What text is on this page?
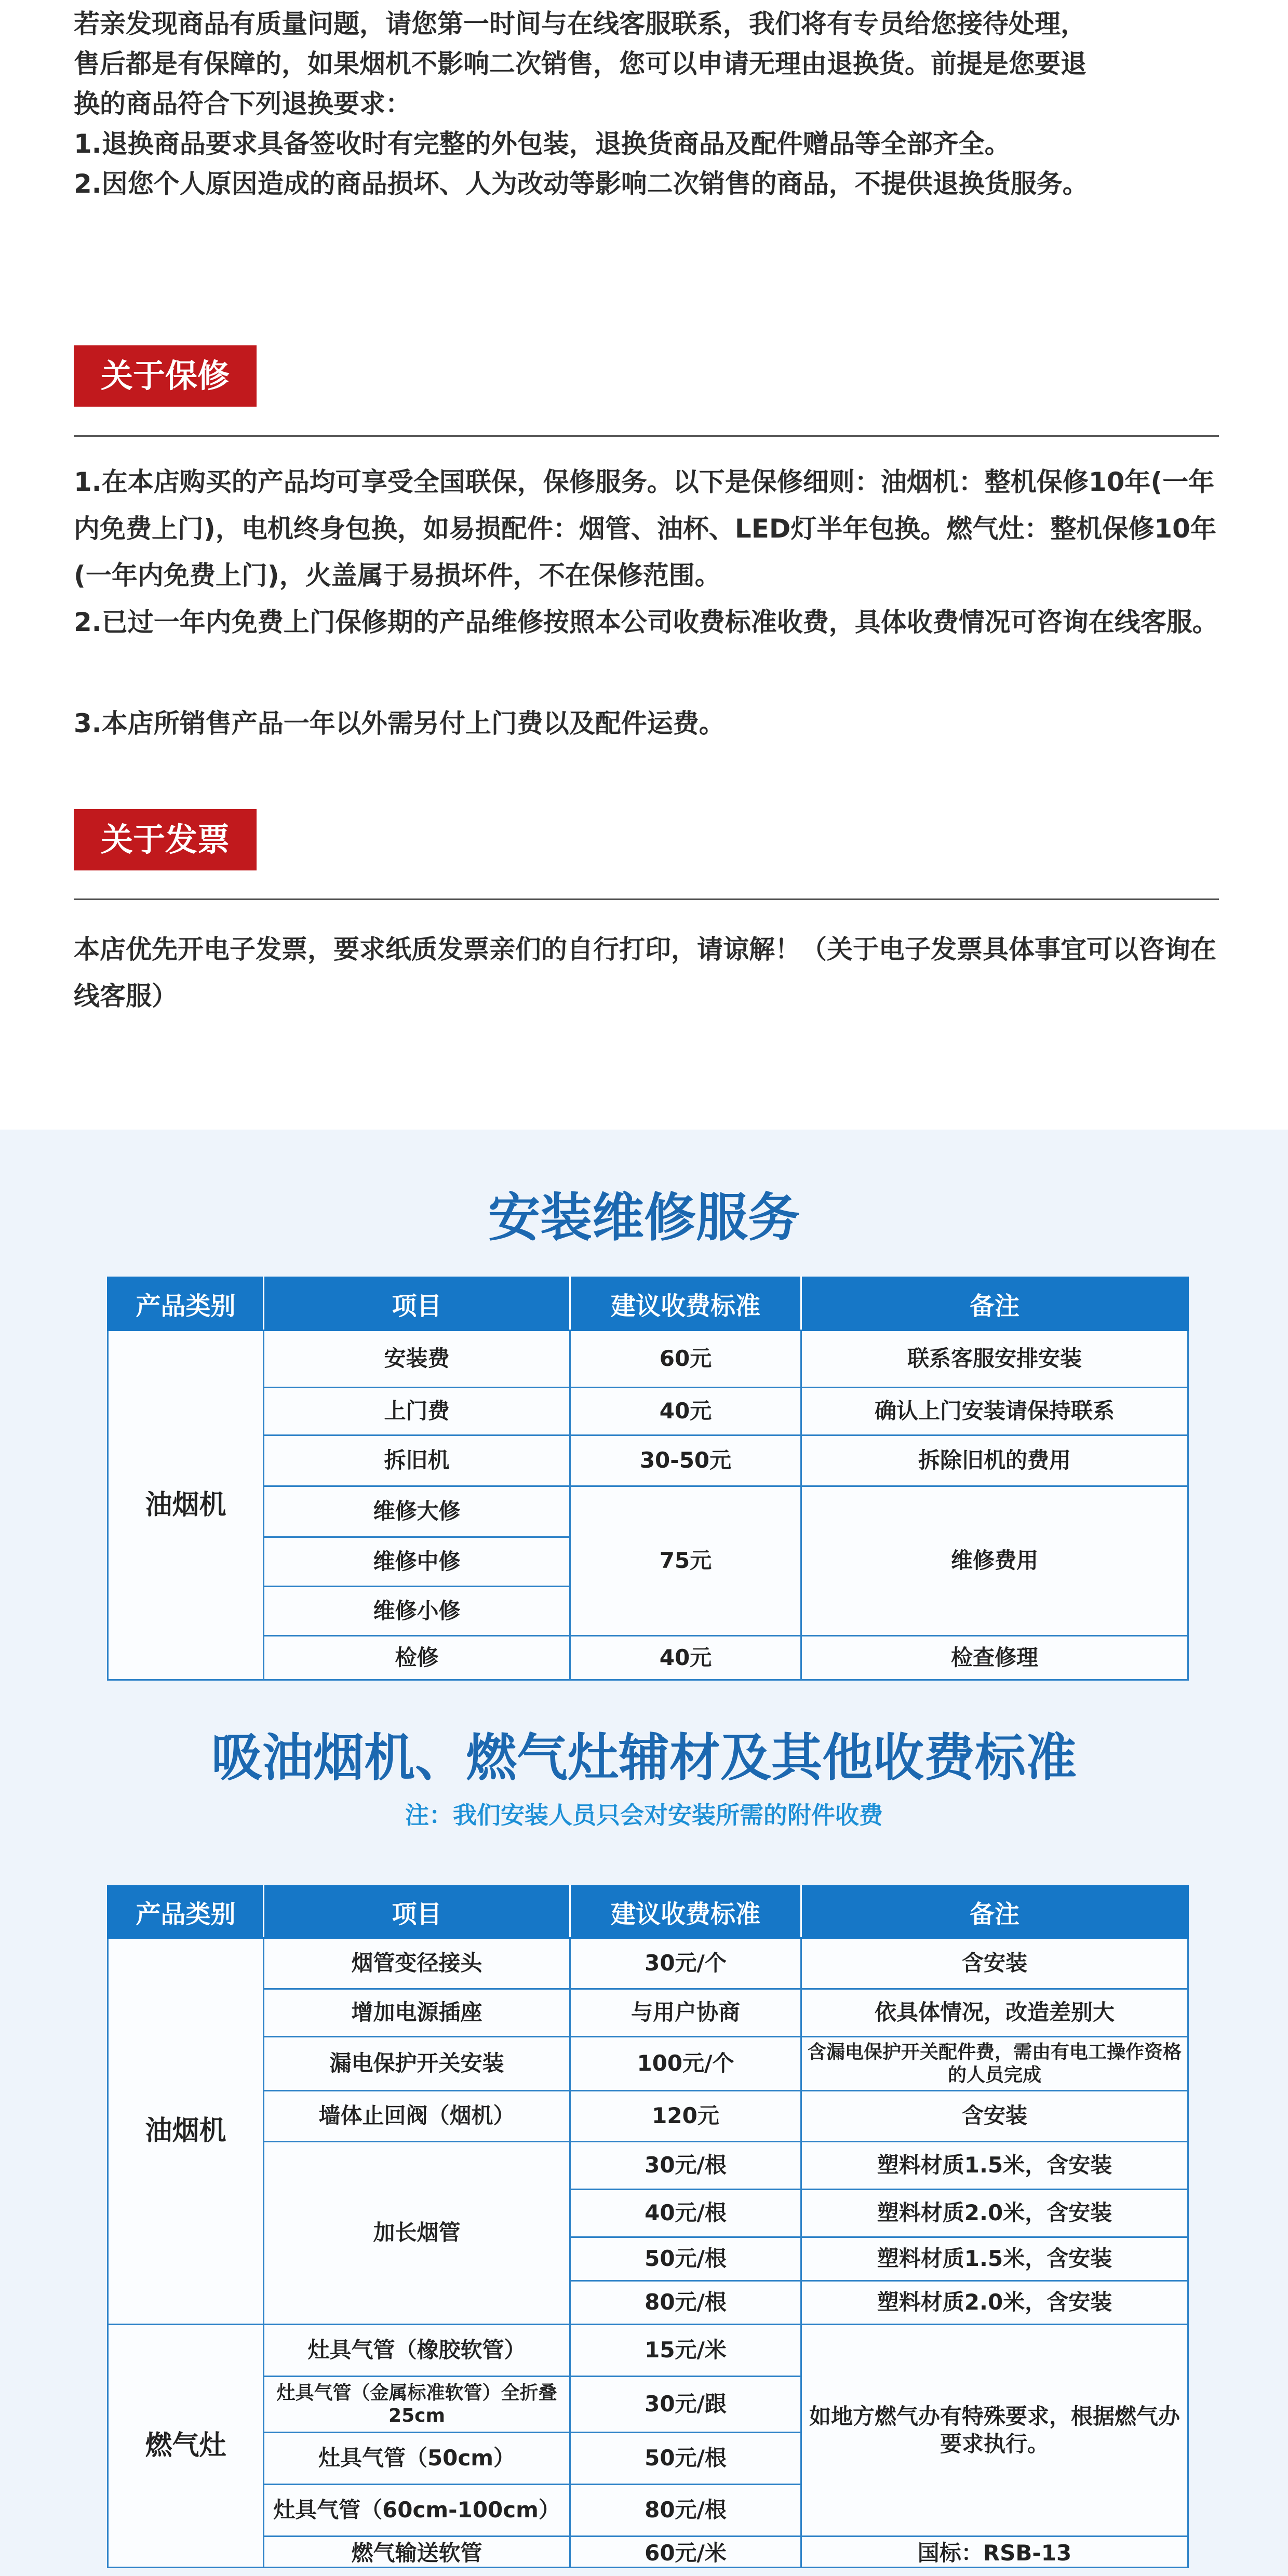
若亲发现商品有质量问题，请您第一时间与在线客服联系，我们将有专员给您接待处理，

售后都是有保障的，如果烟机不影响二次销售，您可以申请无理由退换货。前提是您要退

换的商品符合下列退换要求：

1.退换商品要求具备签收时有完整的外包装，退换货商品及配件赠品等全部齐全。

2.因您个人原因造成的商品损坏、人为改动等影响二次销售的商品，不提供退换货服务。

关于保修

1.在本店购买的产品均可享受全国联保，保修服务。以下是保修细则：油烟机：整机保修10年(一年内免费上门)，电机终身包换，如易损配件：烟管、油杯、LED灯半年包换。燃气灶：整机保修10年(一年内免费上门)，火盖属于易损坏件，不在保修范围。

2.已过一年内免费上门保修期的产品维修按照本公司收费标准收费，具体收费情况可咨询在线客服。

3.本店所销售产品一年以外需另付上门费以及配件运费。

关于发票

本店优先开电子发票，要求纸质发票亲们的自行打印，请谅解！（关于电子发票具体事宜可以咨询在线客服）

安装维修服务
产品类别	项目	建议收费标准	备注
油烟机	安装费	60元	联系客服安排安装
	上门费	40元	确认上门安装请保持联系
	拆旧机	30-50元	拆除旧机的费用
	维修大修	75元	维修费用
	维修中修		
	维修小修		
	检修	40元	检查修理
吸油烟机、燃气灶辅材及其他收费标准
注：我们安装人员只会对安装所需的附件收费
产品类别	项目	建议收费标准	备注
油烟机	烟管变径接头	30元/个	含安装
	增加电源插座	与用户协商	依具体情况，改造差别大
	漏电保护开关安装	100元/个	含漏电保护开关配件费，需由有电工操作资格的人员完成
	墙体止回阀（烟机）	120元	含安装
	加长烟管	30元/根	塑料材质1.5米，含安装
		40元/根	塑料材质2.0米，含安装
		50元/根	塑料材质1.5米，含安装
		80元/根	塑料材质2.0米，含安装
燃气灶	灶具气管（橡胶软管）	15元/米	如地方燃气办有特殊要求，根据燃气办要求执行。
	灶具气管（金属标准软管）全折叠25cm	30元/跟	
	灶具气管（50cm）	50元/根	
	灶具气管（60cm-100cm）	80元/根	
	燃气输送软管	60元/米	国标：RSB-13
